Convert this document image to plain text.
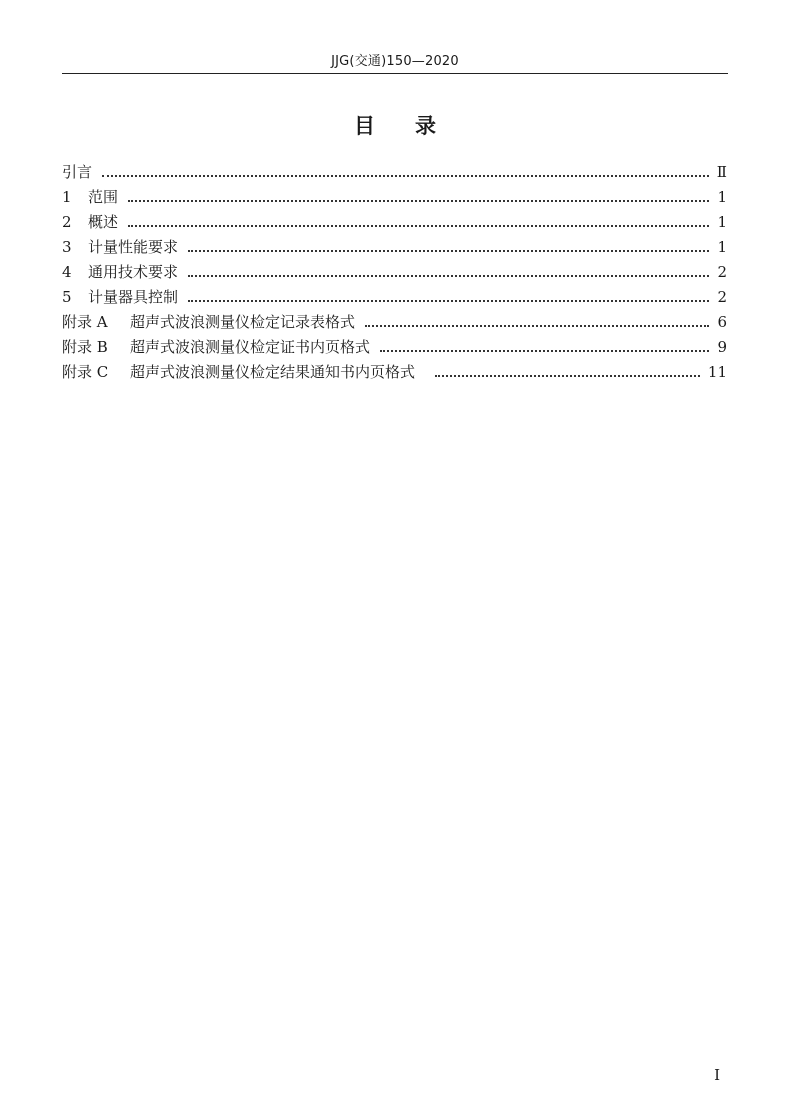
JJG(交通)150—2020
目录
引言	Ⅱ
1	范围	1
2	概述	1
3	计量性能要求	1
4	通用技术要求	2
5	计量器具控制	2
附录 A	超声式波浪测量仪检定记录表格式	6
附录 B	超声式波浪测量仪检定证书内页格式	9
附录 C	超声式波浪测量仪检定结果通知书内页格式	11
Ⅰ
